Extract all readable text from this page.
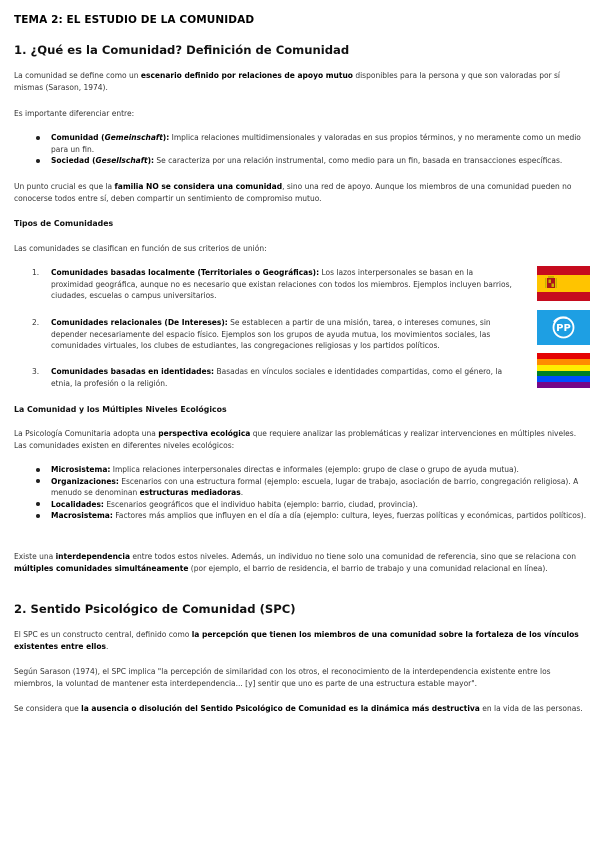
TEMA 2: EL ESTUDIO DE LA COMUNIDAD
1. ¿Qué es la Comunidad? Definición de Comunidad

La comunidad se define como un escenario definido por relaciones de apoyo mutuo disponibles para la persona y que son valoradas por sí mismas (Sarason, 1974).

Es importante diferenciar entre:

Comunidad (Gemeinschaft): Implica relaciones multidimensionales y valoradas en sus propios términos, y no meramente como un medio para un fin.
Sociedad (Gesellschaft): Se caracteriza por una relación instrumental, como medio para un fin, basada en transacciones específicas.

Un punto crucial es que la familia NO se considera una comunidad, sino una red de apoyo. Aunque los miembros de una comunidad pueden no conocerse todos entre sí, deben compartir un sentimiento de compromiso mutuo.

Tipos de Comunidades

Las comunidades se clasifican en función de sus criterios de unión:

1. Comunidades basadas localmente (Territoriales o Geográficas): Los lazos interpersonales se basan en la proximidad geográfica, aunque no es necesario que existan relaciones con todos los miembros. Ejemplos incluyen barrios, ciudades, escuelas o campus universitarios.
2. Comunidades relacionales (De Intereses): Se establecen a partir de una misión, tarea, o intereses comunes, sin depender necesariamente del espacio físico. Ejemplos son los grupos de ayuda mutua, los movimientos sociales, las comunidades virtuales, los clubes de estudiantes, las congregaciones religiosas y los partidos políticos.
3. Comunidades basadas en identidades: Basadas en vínculos sociales e identidades compartidas, como el género, la etnia, la profesión o la religión.
La Comunidad y los Múltiples Niveles Ecológicos

La Psicología Comunitaria adopta una perspectiva ecológica que requiere analizar las problemáticas y realizar intervenciones en múltiples niveles. Las comunidades existen en diferentes niveles ecológicos:

Microsistema: Implica relaciones interpersonales directas e informales (ejemplo: grupo de clase o grupo de ayuda mutua).
Organizaciones: Escenarios con una estructura formal (ejemplo: escuela, lugar de trabajo, asociación de barrio, congregación religiosa). A menudo se denominan estructuras mediadoras.
Localidades: Escenarios geográficos que el individuo habita (ejemplo: barrio, ciudad, provincia).
Macrosistema: Factores más amplios que influyen en el día a día (ejemplo: cultura, leyes, fuerzas políticas y económicas, partidos políticos).

Existe una interdependencia entre todos estos niveles. Además, un individuo no tiene solo una comunidad de referencia, sino que se relaciona con múltiples comunidades simultáneamente (por ejemplo, el barrio de residencia, el barrio de trabajo y una comunidad relacional en línea).

2. Sentido Psicológico de Comunidad (SPC)

El SPC es un constructo central, definido como la percepción que tienen los miembros de una comunidad sobre la fortaleza de los vínculos existentes entre ellos.

Según Sarason (1974), el SPC implica "la percepción de similaridad con los otros, el reconocimiento de la interdependencia existente entre los miembros, la voluntad de mantener esta interdependencia... [y] sentir que uno es parte de una estructura estable mayor".

Se considera que la ausencia o disolución del Sentido Psicológico de Comunidad es la dinámica más destructiva en la vida de las personas.

PP
